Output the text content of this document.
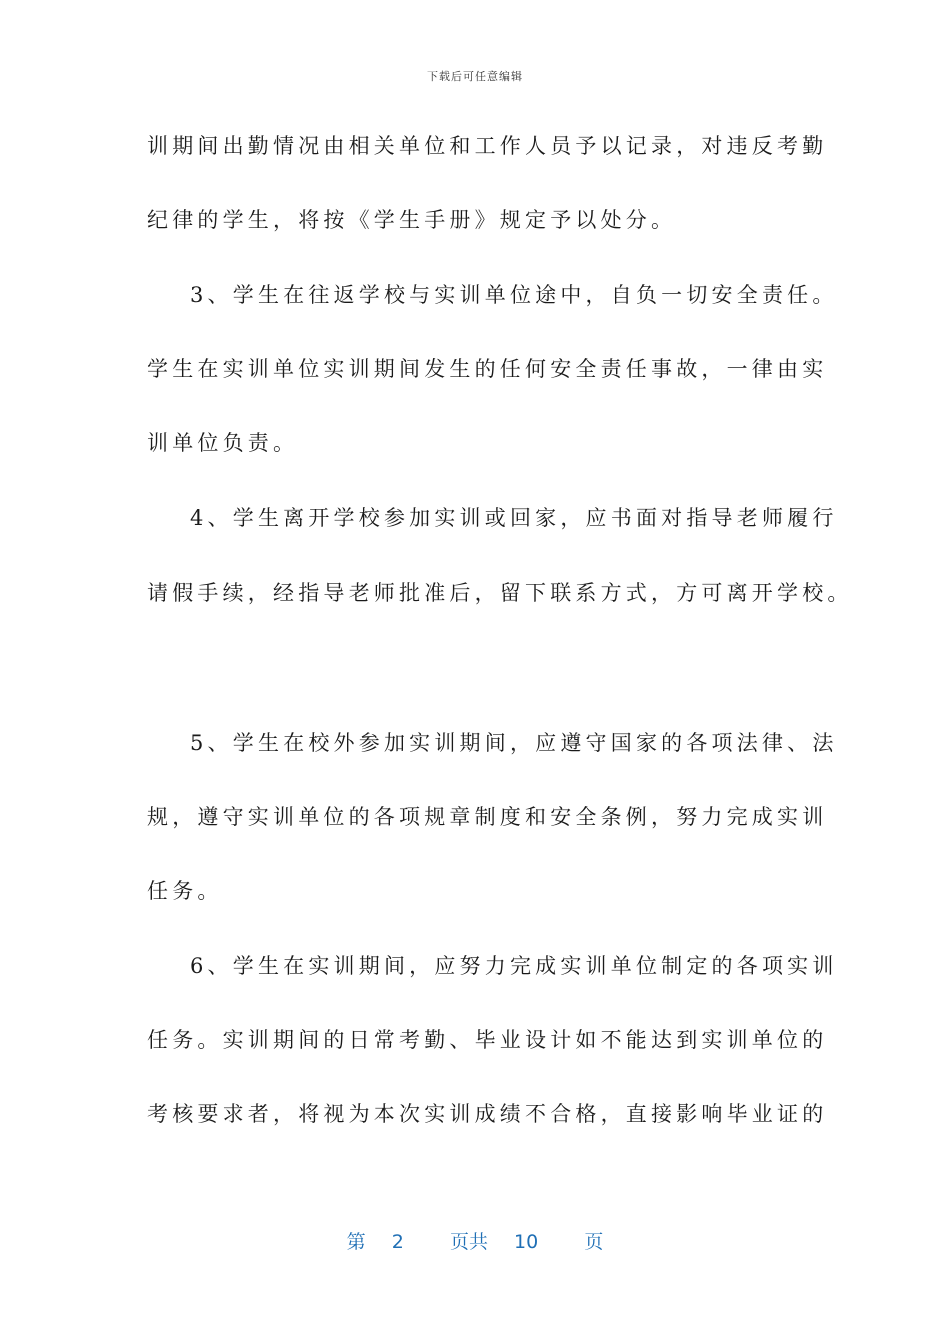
下载后可任意编辑
训期间出勤情况由相关单位和工作人员予以记录，对违反考勤
纪律的学生，将按《学生手册》规定予以处分。
3、学生在往返学校与实训单位途中，自负一切安全责任。
学生在实训单位实训期间发生的任何安全责任事故，一律由实
训单位负责。
4、学生离开学校参加实训或回家，应书面对指导老师履行
请假手续，经指导老师批准后，留下联系方式，方可离开学校。
5、学生在校外参加实训期间，应遵守国家的各项法律、法
规，遵守实训单位的各项规章制度和安全条例，努力完成实训
任务。
6、学生在实训期间，应努力完成实训单位制定的各项实训
任务。实训期间的日常考勤、毕业设计如不能达到实训单位的
考核要求者，将视为本次实训成绩不合格，直接影响毕业证的
第 2 页共 10 页
